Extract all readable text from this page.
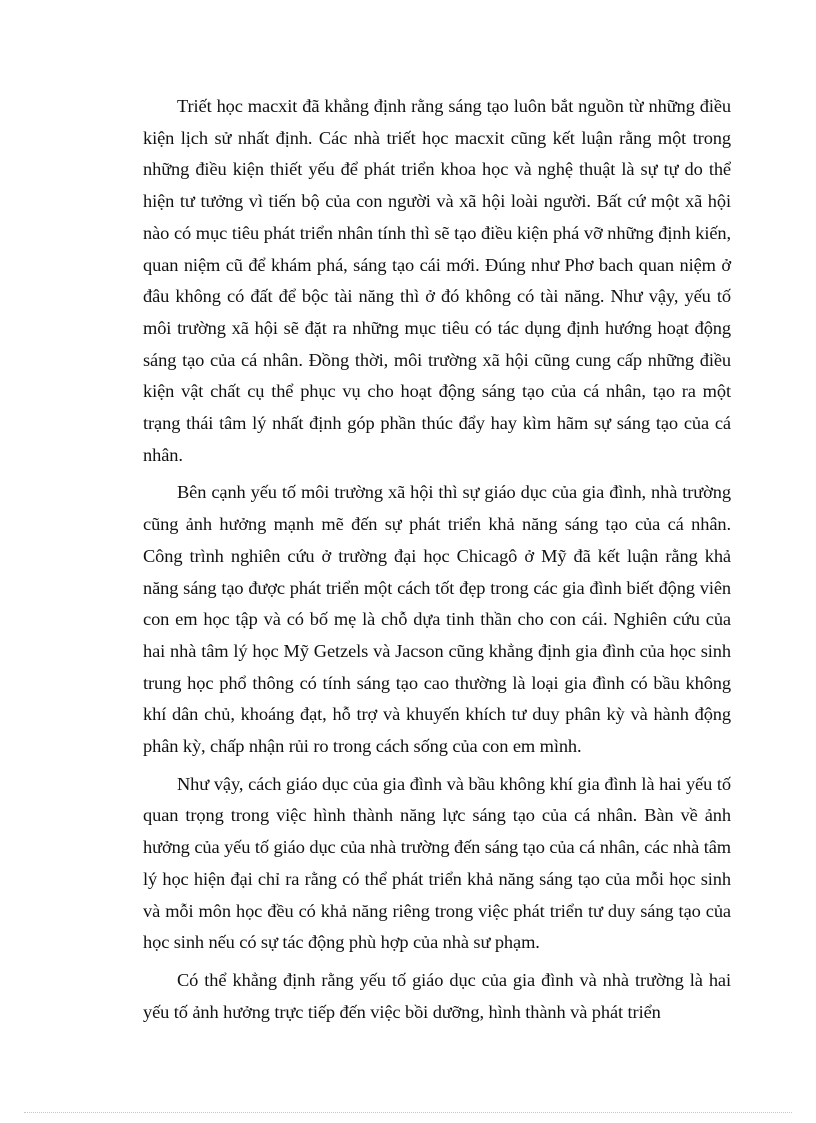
Triết học macxit đã khẳng định rằng sáng tạo luôn bắt nguồn từ những điều kiện lịch sử nhất định. Các nhà triết học macxit cũng kết luận rằng một trong những điều kiện thiết yếu để phát triển khoa học và nghệ thuật là sự tự do thể hiện tư tưởng vì tiến bộ của con người và xã hội loài người. Bất cứ một xã hội nào có mục tiêu phát triển nhân tính thì sẽ tạo điều kiện phá vỡ những định kiến, quan niệm cũ để khám phá, sáng tạo cái mới. Đúng như Phơ bach quan niệm ở đâu không có đất để bộc tài năng thì ở đó không có tài năng. Như vậy, yếu tố môi trường xã hội sẽ đặt ra những mục tiêu có tác dụng định hướng hoạt động sáng tạo của cá nhân. Đồng thời, môi trường xã hội cũng cung cấp những điều kiện vật chất cụ thể phục vụ cho hoạt động sáng tạo của cá nhân, tạo ra một trạng thái tâm lý nhất định góp phần thúc đẩy hay kìm hãm sự sáng tạo của cá nhân.

Bên cạnh yếu tố môi trường xã hội thì sự giáo dục của gia đình, nhà trường cũng ảnh hưởng mạnh mẽ đến sự phát triển khả năng sáng tạo của cá nhân. Công trình nghiên cứu ở trường đại học Chicagô ở Mỹ đã kết luận rằng khả năng sáng tạo được phát triển một cách tốt đẹp trong các gia đình biết động viên con em học tập và có bố mẹ là chỗ dựa tinh thần cho con cái. Nghiên cứu của hai nhà tâm lý học Mỹ Getzels và Jacson cũng khẳng định gia đình của học sinh trung học phổ thông có tính sáng tạo cao thường là loại gia đình có bầu không khí dân chủ, khoáng đạt, hỗ trợ và khuyến khích tư duy phân kỳ và hành động phân kỳ, chấp nhận rủi ro trong cách sống của con em mình.

Như vậy, cách giáo dục của gia đình và bầu không khí gia đình là hai yếu tố quan trọng trong việc hình thành năng lực sáng tạo của cá nhân. Bàn về ảnh hưởng của yếu tố giáo dục của nhà trường đến sáng tạo của cá nhân, các nhà tâm lý học hiện đại chỉ ra rằng có thể phát triển khả năng sáng tạo của mỗi học sinh và mỗi môn học đều có khả năng riêng trong việc phát triển tư duy sáng tạo của học sinh nếu có sự tác động phù hợp của nhà sư phạm.

Có thể khẳng định rằng yếu tố giáo dục của gia đình và nhà trường là hai yếu tố ảnh hưởng trực tiếp đến việc bồi dưỡng, hình thành và phát triển
